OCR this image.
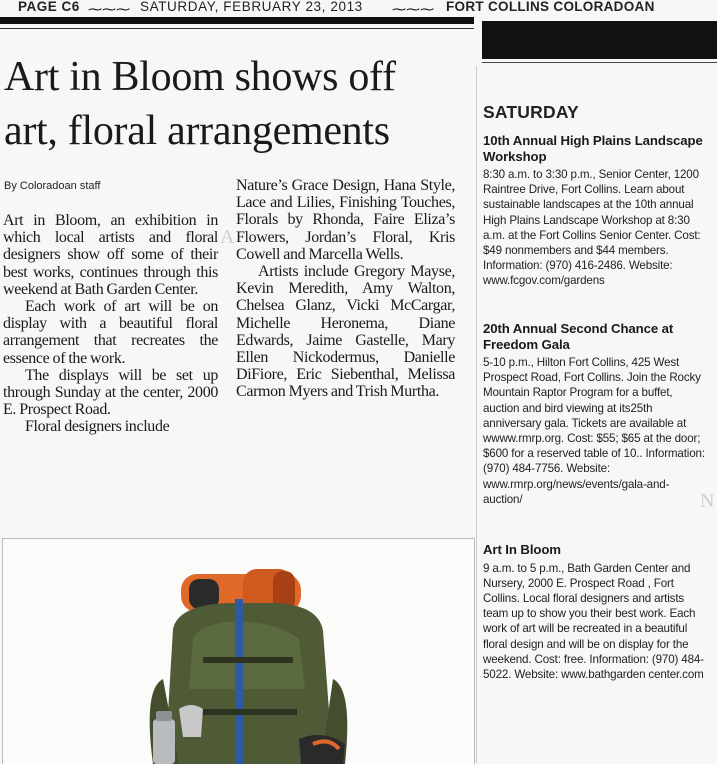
PAGE C6 ⁓⁓⁓ SATURDAY, FEBRUARY 23, 2013 ⁓⁓⁓ FORT COLLINS COLORADOAN
Art in Bloom shows off
art, floral arrangements
By Coloradoan staff

Art in Bloom, an exhibition in which local artists and floral designers show off some of their best works, continues through this weekend at Bath Garden Center.

Each work of art will be on display with a beautiful floral arrangement that recreates the essence of the work.

The displays will be set up through Sunday at the center, 2000 E. Prospect Road.

Floral designers include

Nature’s Grace Design, Hana Style, Lace and Lilies, Finishing Touches, Florals by Rhonda, Faire Eliza’s Flowers, Jordan’s Floral, Kris Cowell and Marcella Wells.

Artists include Gregory Mayse, Kevin Meredith, Amy Walton, Chelsea Glanz, Vicki McCargar, Michelle Heronema, Diane Edwards, Jaime Gastelle, Mary Ellen Nickodermus, Danielle DiFiore, Eric Siebenthal, Melissa Carmon Myers and Trish Murtha.

A
N
SATURDAY
10th Annual High Plains Landscape Workshop
8:30 a.m. to 3:30 p.m., Senior Center, 1200 Raintree Drive, Fort Collins. Learn about sustainable landscapes at the 10th annual High Plains Landscape Workshop at 8:30 a.m. at the Fort Collins Senior Center. Cost: $49 nonmembers and $44 members. Information: (970) 416-2486. Website: www.fcgov.com/gardens
20th Annual Second Chance at Freedom Gala
5-10 p.m., Hilton Fort Collins, 425 West Prospect Road, Fort Collins. Join the Rocky Mountain Raptor Program for a buffet, auction and bird viewing at its25th anniversary gala. Tickets are available at wwww.rmrp.org. Cost: $55; $65 at the door; $600 for a reserved table of 10.. Information: (970) 484-7756. Website: www.rmrp.org/news/events/gala-and-auction/
Art In Bloom
9 a.m. to 5 p.m., Bath Garden Center and Nursery, 2000 E. Prospect Road , Fort Collins. Local floral designers and artists team up to show you their best work. Each work of art will be recreated in a beautiful floral design and will be on display for the weekend. Cost: free. Information: (970) 484-5022. Website: www.bathgarden center.com
